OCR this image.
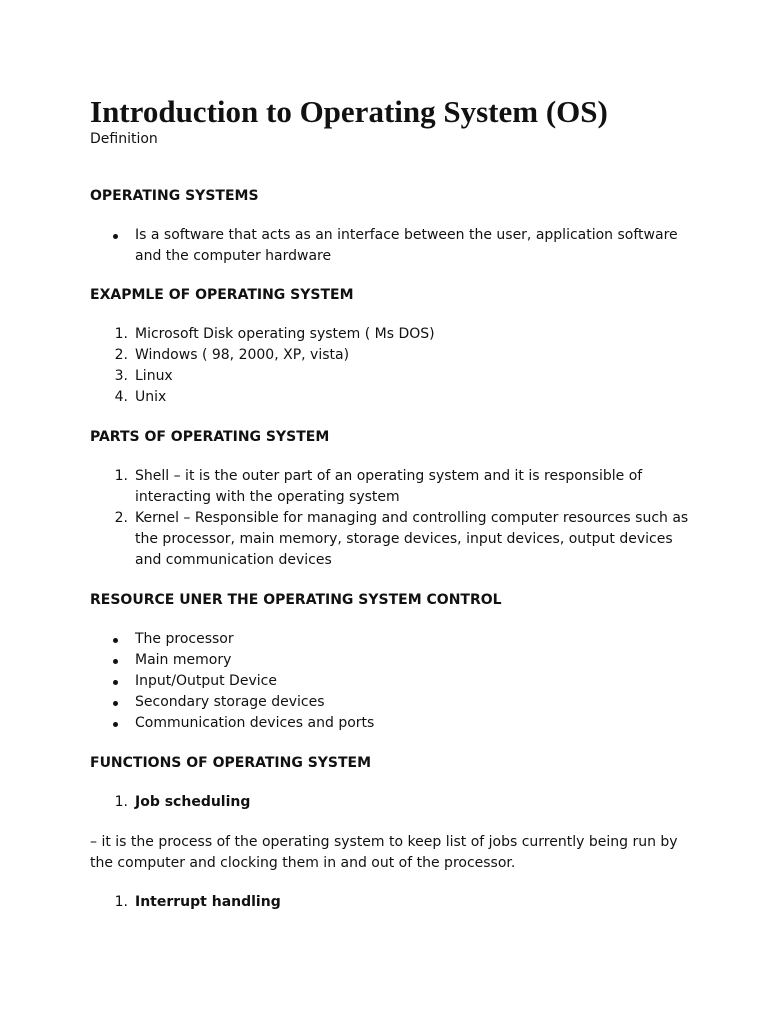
Introduction to Operating System (OS)

Definition

OPERATING SYSTEMS
Is a software that acts as an interface between the user, application software and the computer hardware
EXAPMLE OF OPERATING SYSTEM
1. Microsoft Disk operating system ( Ms DOS)
2. Windows ( 98, 2000, XP, vista)
3. Linux
4. Unix
PARTS OF OPERATING SYSTEM
1. Shell – it is the outer part of an operating system and it is responsible of interacting with the operating system
2. Kernel – Responsible for managing and controlling computer resources such as the processor, main memory, storage devices, input devices, output devices and communication devices
RESOURCE UNER THE OPERATING SYSTEM CONTROL
The processor
Main memory
Input/Output Device
Secondary storage devices
Communication devices and ports
FUNCTIONS OF OPERATING SYSTEM
1. Job scheduling

– it is the process of the operating system to keep list of jobs currently being run by the computer and clocking them in and out of the processor.

1. Interrupt handling
